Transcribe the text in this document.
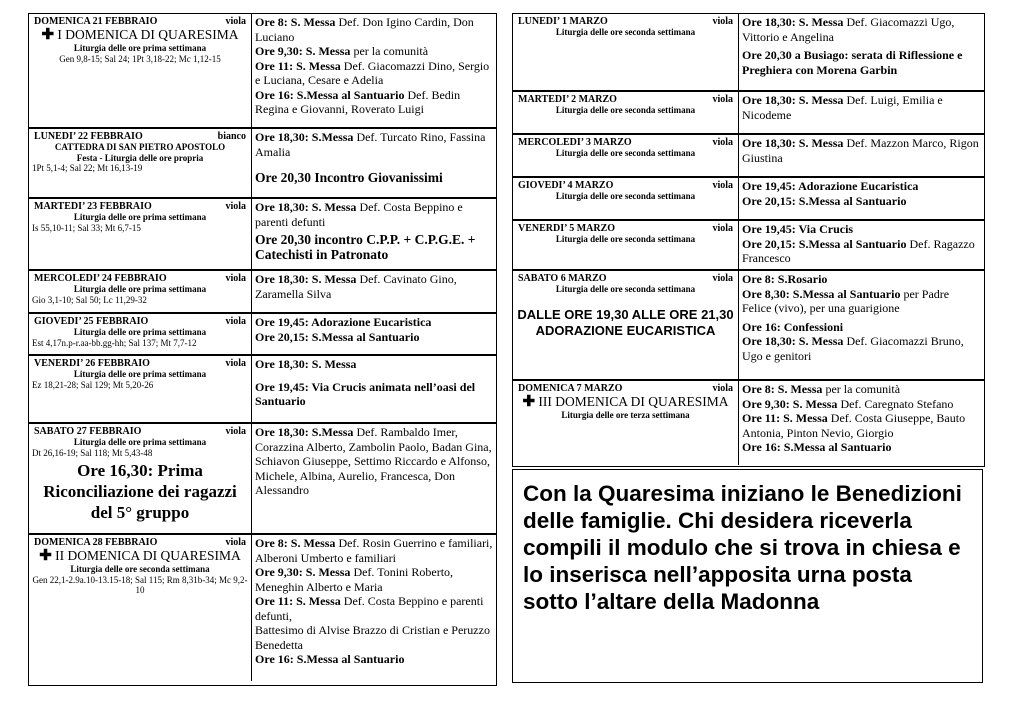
DOMENICA 21 FEBBRAIO	viola
✚ I DOMENICA DI QUARESIMA
Liturgia delle ore prima settimana
Gen 9,8-15; Sal 24; 1Pt 3,18-22; Mc 1,12-15
Ore 8: S. Messa Def. Don Igino Cardin, Don Luciano
Ore 9,30: S. Messa per la comunità
Ore 11: S. Messa Def. Giacomazzi Dino, Sergio e Luciana, Cesare e Adelia
Ore 16: S.Messa al Santuario Def. Bedin Regina e Giovanni, Roverato Luigi
LUNEDI’ 22 FEBBRAIO	bianco
CATTEDRA DI SAN PIETRO APOSTOLO
Festa - Liturgia delle ore propria
1Pt 5,1-4; Sal 22; Mt 16,13-19
Ore 18,30: S.Messa Def. Turcato Rino, Fassina Amalia
Ore 20,30 Incontro Giovanissimi
MARTEDI’ 23 FEBBRAIO	viola
Liturgia delle ore prima settimana
Is 55,10-11; Sal 33; Mt 6,7-15
Ore 18,30: S. Messa Def. Costa Beppino e parenti defunti
Ore 20,30 incontro C.P.P. + C.P.G.E. + Catechisti in Patronato
MERCOLEDI’ 24 FEBBRAIO	viola
Liturgia delle ore prima settimana
Gio 3,1-10; Sal 50; Lc 11,29-32
Ore 18,30: S. Messa Def. Cavinato Gino, Zaramella Silva
GIOVEDI’ 25 FEBBRAIO	viola
Liturgia delle ore prima settimana
Est 4,17n.p-r.aa-bb.gg-hh; Sal 137; Mt 7,7-12
Ore 19,45: Adorazione Eucaristica
Ore 20,15: S.Messa al Santuario
VENERDI’ 26 FEBBRAIO	viola
Liturgia delle ore prima settimana
Ez 18,21-28; Sal 129; Mt 5,20-26
Ore 18,30: S. Messa
Ore 19,45: Via Crucis animata nell’oasi del Santuario
SABATO 27 FEBBRAIO	viola
Liturgia delle ore prima settimana
Dt 26,16-19; Sal 118; Mt 5,43-48
Ore 16,30: Prima Riconciliazione dei ragazzi del 5° gruppo
Ore 18,30: S.Messa Def. Rambaldo Imer, Corazzina Alberto, Zambolin Paolo, Badan Gina, Schiavon Giuseppe, Settimo Riccardo e Alfonso, Michele, Albina, Aurelio, Francesca, Don Alessandro
DOMENICA 28 FEBBRAIO	viola
✚ II DOMENICA DI QUARESIMA
Liturgia delle ore seconda settimana
Gen 22,1-2.9a.10-13.15-18; Sal 115; Rm 8,31b-34; Mc 9,2-10
Ore 8: S. Messa Def. Rosin Guerrino e familiari, Alberoni Umberto e familiari
Ore 9,30: S. Messa Def. Tonini Roberto, Meneghin Alberto e Maria
Ore 11: S. Messa Def. Costa Beppino e parenti defunti,
Battesimo di Alvise Brazzo di Cristian e Peruzzo Benedetta
Ore 16: S.Messa al Santuario
LUNEDI’ 1 MARZO	viola
Liturgia delle ore seconda settimana
Ore 18,30: S. Messa Def. Giacomazzi Ugo, Vittorio e Angelina
Ore 20,30 a Busiago: serata di Riflessione e Preghiera con Morena Garbin
MARTEDI’ 2 MARZO	viola
Liturgia delle ore seconda settimana
Ore 18,30: S. Messa Def. Luigi, Emilia e Nicodeme
MERCOLEDI’ 3 MARZO	viola
Liturgia delle ore seconda settimana
Ore 18,30: S. Messa Def. Mazzon Marco, Rigon Giustina
GIOVEDI’ 4 MARZO	viola
Liturgia delle ore seconda settimana
Ore 19,45: Adorazione Eucaristica
Ore 20,15: S.Messa al Santuario
VENERDI’ 5 MARZO	viola
Liturgia delle ore seconda settimana
Ore 19,45: Via Crucis
Ore 20,15: S.Messa al Santuario Def. Ragazzo Francesco
SABATO 6 MARZO	viola
Liturgia delle ore seconda settimana
DALLE ORE 19,30 ALLE ORE 21,30 ADORAZIONE EUCARISTICA
Ore 8: S.Rosario
Ore 8,30: S.Messa al Santuario per Padre Felice (vivo), per una guarigione
Ore 16: Confessioni
Ore 18,30: S. Messa Def. Giacomazzi Bruno, Ugo e genitori
DOMENICA 7 MARZO	viola
✚ III DOMENICA DI QUARESIMA
Liturgia delle ore terza settimana
Ore 8: S. Messa per la comunità
Ore 9,30: S. Messa Def. Caregnato Stefano
Ore 11: S. Messa Def. Costa Giuseppe, Bauto Antonia, Pinton Nevio, Giorgio
Ore 16: S.Messa al Santuario
Con la Quaresima iniziano le Benedizioni delle famiglie. Chi desidera riceverla compili il modulo che si trova in chiesa e lo inserisca nell’apposita urna posta sotto l’altare della Madonna
